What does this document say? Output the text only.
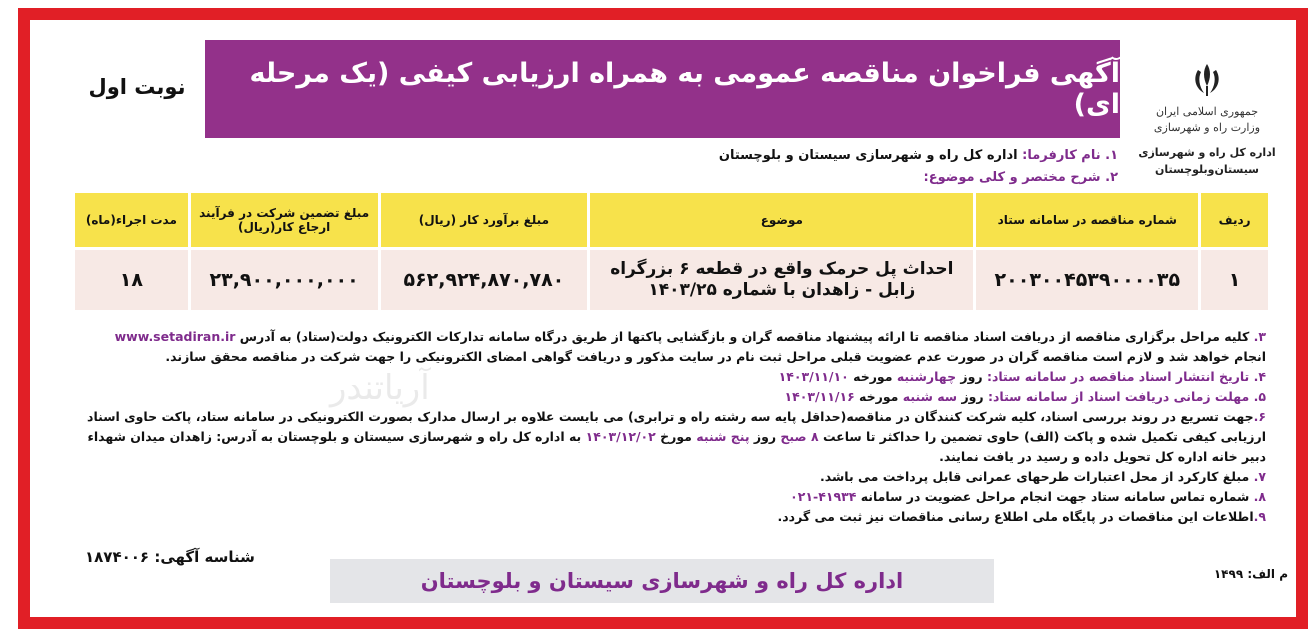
جمهوری اسلامی ایران
وزارت راه و شهرسازی
اداره کل راه و شهرسازی
سیستان‌وبلوچستان
آگهی فراخوان مناقصه عمومی به همراه ارزیابی کیفی (یک مرحله ای)
نوبت اول
۱. نام کارفرما: اداره کل راه و شهرسازی سیستان و بلوچستان
۲. شرح مختصر و کلی موضوع:
آریاتندر
ردیف	شماره مناقصه در سامانه ستاد	موضوع	مبلغ برآورد کار (ریال)	مبلغ تضمین شرکت در فرآیند ارجاع کار(ریال)	مدت اجراء(ماه)
۱	۲۰۰۳۰۰۴۵۳۹۰۰۰۰۳۵	احداث پل حرمک واقع در قطعه ۶ بزرگراه
زابل - زاهدان با شماره ۱۴۰۳/۲۵	۵۶۲,۹۲۴,۸۷۰,۷۸۰	۲۳,۹۰۰,۰۰۰,۰۰۰	۱۸

۳. کلیه مراحل برگزاری مناقصه از دریافت اسناد مناقصه تا ارائه پیشنهاد مناقصه گران و بازگشایی پاکتها از طریق درگاه سامانه تدارکات الکترونیک دولت(ستاد) به آدرس www.setadiran.ir انجام خواهد شد و لازم است مناقصه گران در صورت عدم عضویت قبلی مراحل ثبت نام در سایت مذکور و دریافت گواهی امضای الکترونیکی را جهت شرکت در مناقصه محقق سازند.

۴. تاریخ انتشار اسناد مناقصه در سامانه ستاد: روز چهارشنبه مورخه ۱۴۰۳/۱۱/۱۰

۵. مهلت زمانی دریافت اسناد از سامانه ستاد: روز سه شنبه مورخه ۱۴۰۳/۱۱/۱۶

۶.جهت تسریع در روند بررسی اسناد، کلیه شرکت کنندگان در مناقصه(حداقل پایه سه رشته راه و ترابری) می بایست علاوه بر ارسال مدارک بصورت الکترونیکی در سامانه ستاد، پاکت حاوی اسناد ارزیابی کیفی تکمیل شده و پاکت (الف) حاوی تضمین را حداکثر تا ساعت ۸ صبح روز پنج شنبه مورخ ۱۴۰۳/۱۲/۰۲ به اداره کل راه و شهرسازی سیستان و بلوچستان به آدرس: زاهدان میدان شهداء دبیر خانه اداره کل تحویل داده و رسید در یافت نمایند.

۷. مبلغ کارکرد از محل اعتبارات طرحهای عمرانی قابل پرداخت می باشد.

۸. شماره تماس سامانه ستاد جهت انجام مراحل عضویت در سامانه ۴۱۹۳۴-۰۲۱

۹.اطلاعات این مناقصات در پایگاه ملی اطلاع رسانی مناقصات نیز ثبت می گردد.

شناسه آگهی: ۱۸۷۴۰۰۶
م الف: ۱۴۹۹
اداره کل راه و شهرسازی سیستان و بلوچستان
